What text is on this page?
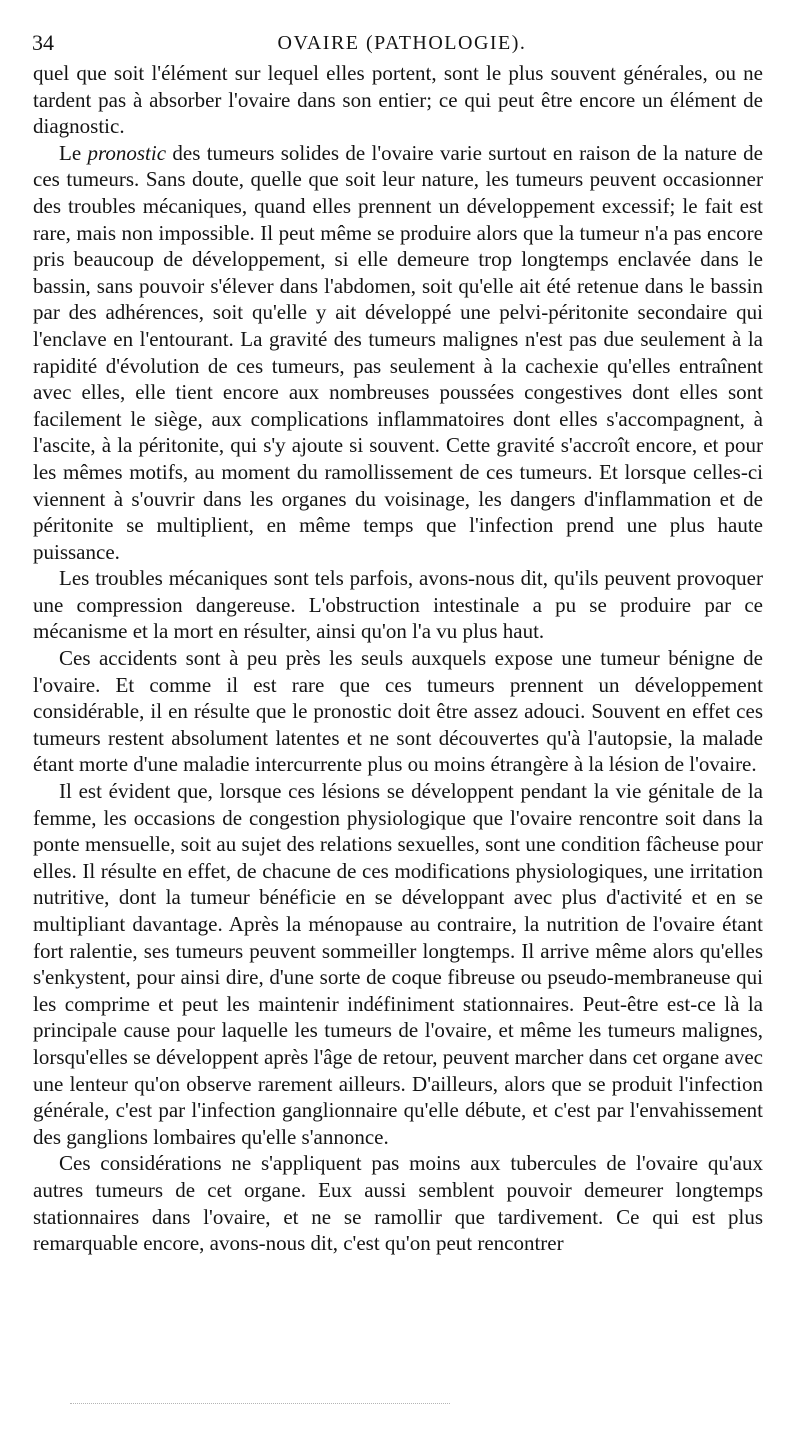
34	OVAIRE (PATHOLOGIE).

quel que soit l'élément sur lequel elles portent, sont le plus souvent générales, ou ne tardent pas à absorber l'ovaire dans son entier; ce qui peut être encore un élément de diagnostic.

Le pronostic des tumeurs solides de l'ovaire varie surtout en raison de la nature de ces tumeurs. Sans doute, quelle que soit leur nature, les tumeurs peuvent occasionner des troubles mécaniques, quand elles prennent un développement excessif; le fait est rare, mais non impossible. Il peut même se produire alors que la tumeur n'a pas encore pris beaucoup de développement, si elle demeure trop longtemps enclavée dans le bassin, sans pouvoir s'élever dans l'abdomen, soit qu'elle ait été retenue dans le bassin par des adhérences, soit qu'elle y ait développé une pelvi-péritonite secondaire qui l'enclave en l'entourant. La gravité des tumeurs malignes n'est pas due seulement à la rapidité d'évolution de ces tumeurs, pas seulement à la cachexie qu'elles entraînent avec elles, elle tient encore aux nombreuses poussées congestives dont elles sont facilement le siège, aux complications inflammatoires dont elles s'accompagnent, à l'ascite, à la péritonite, qui s'y ajoute si souvent. Cette gravité s'accroît encore, et pour les mêmes motifs, au moment du ramollissement de ces tumeurs. Et lorsque celles-ci viennent à s'ouvrir dans les organes du voisinage, les dangers d'inflammation et de péritonite se multiplient, en même temps que l'infection prend une plus haute puissance.

Les troubles mécaniques sont tels parfois, avons-nous dit, qu'ils peuvent provoquer une compression dangereuse. L'obstruction intestinale a pu se produire par ce mécanisme et la mort en résulter, ainsi qu'on l'a vu plus haut.

Ces accidents sont à peu près les seuls auxquels expose une tumeur bénigne de l'ovaire. Et comme il est rare que ces tumeurs prennent un développement considérable, il en résulte que le pronostic doit être assez adouci. Souvent en effet ces tumeurs restent absolument latentes et ne sont découvertes qu'à l'autopsie, la malade étant morte d'une maladie intercurrente plus ou moins étrangère à la lésion de l'ovaire.

Il est évident que, lorsque ces lésions se développent pendant la vie génitale de la femme, les occasions de congestion physiologique que l'ovaire rencontre soit dans la ponte mensuelle, soit au sujet des relations sexuelles, sont une condition fâcheuse pour elles. Il résulte en effet, de chacune de ces modifications physiologiques, une irritation nutritive, dont la tumeur bénéficie en se développant avec plus d'activité et en se multipliant davantage. Après la ménopause au contraire, la nutrition de l'ovaire étant fort ralentie, ses tumeurs peuvent sommeiller longtemps. Il arrive même alors qu'elles s'enkystent, pour ainsi dire, d'une sorte de coque fibreuse ou pseudo-membraneuse qui les comprime et peut les maintenir indéfiniment stationnaires. Peut-être est-ce là la principale cause pour laquelle les tumeurs de l'ovaire, et même les tumeurs malignes, lorsqu'elles se développent après l'âge de retour, peuvent marcher dans cet organe avec une lenteur qu'on observe rarement ailleurs. D'ailleurs, alors que se produit l'infection générale, c'est par l'infection ganglionnaire qu'elle débute, et c'est par l'envahissement des ganglions lombaires qu'elle s'annonce.

Ces considérations ne s'appliquent pas moins aux tubercules de l'ovaire qu'aux autres tumeurs de cet organe. Eux aussi semblent pouvoir demeurer longtemps stationnaires dans l'ovaire, et ne se ramollir que tardivement. Ce qui est plus remarquable encore, avons-nous dit, c'est qu'on peut rencontrer
